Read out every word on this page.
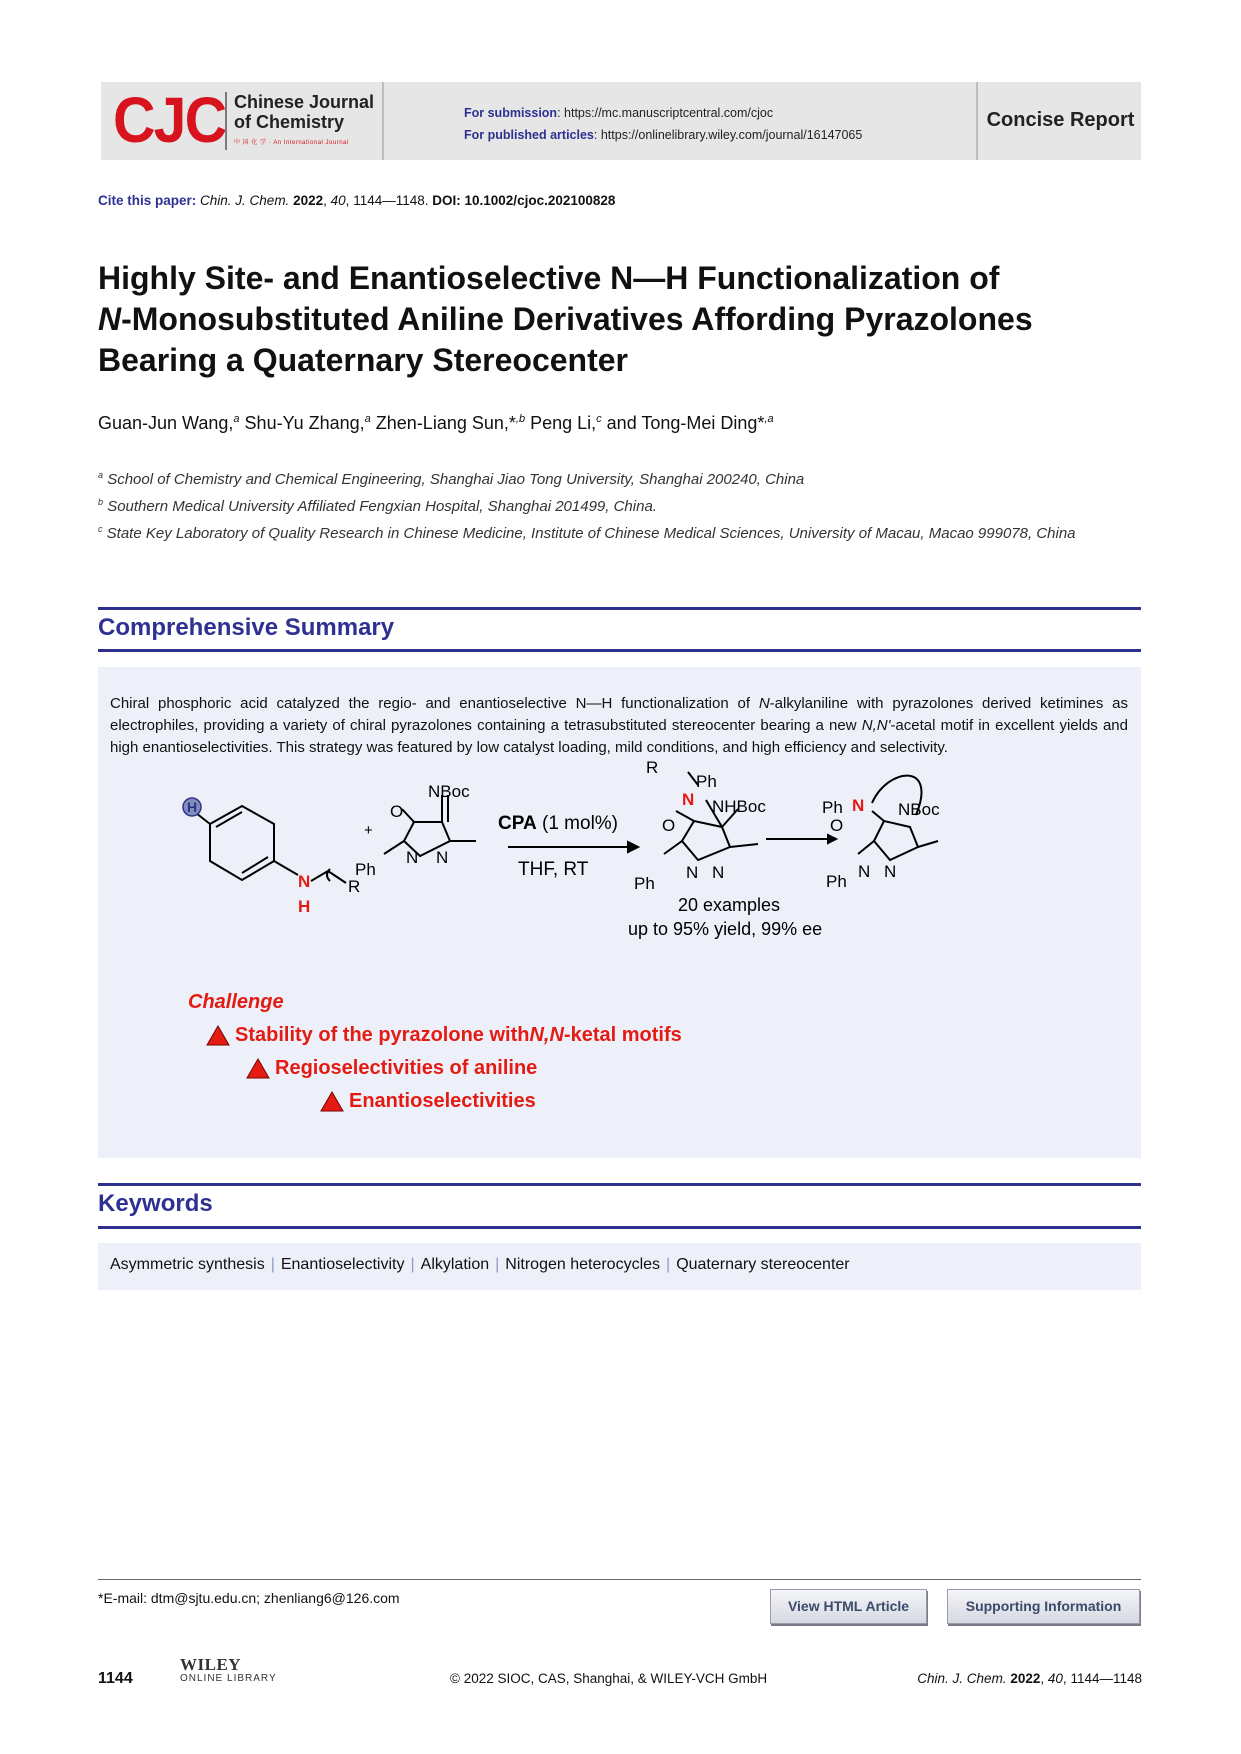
CJC Chinese Journal
of Chemistry
中 国 化 学 · An International Journal
For submission: https://mc.manuscriptcentral.com/cjoc
For published articles: https://onlinelibrary.wiley.com/journal/16147065
Concise Report
Cite this paper: Chin. J. Chem. 2022, 40, 1144—1148. DOI: 10.1002/cjoc.202100828
Highly Site- and Enantioselective N—H Functionalization of
N-Monosubstituted Aniline Derivatives Affording Pyrazolones
Bearing a Quaternary Stereocenter
Guan-Jun Wang,$^a$ Shu-Yu Zhang,$^a$ Zhen-Liang Sun,*$^{,b}$ Peng Li,$^c$ and Tong-Mei Ding*$^{,a}$
$^a$ School of Chemistry and Chemical Engineering, Shanghai Jiao Tong University, Shanghai 200240, China
$^b$ Southern Medical University Affiliated Fengxian Hospital, Shanghai 201499, China.
$^c$ State Key Laboratory of Quality Research in Chinese Medicine, Institute of Chinese Medical Sciences, University of Macau, Macao 999078, China
Comprehensive Summary
Chiral phosphoric acid catalyzed the regio- and enantioselective N—H functionalization of N-alkylaniline with pyrazolones derived ketimines as electrophiles, providing a variety of chiral pyrazolones containing a tetrasubstituted stereocenter bearing a new N,N'-acetal motif in excellent yields and high enantioselectivities. This strategy was featured by low catalyst loading, mild conditions, and high efficiency and selectivity.
H
N
H
R
+
O
NBoc
N N
Ph
CPA (1 mol%)
THF, RT
R
Ph
N NHBoc
O
N N
Ph
20 examples
up to 95% yield, 99% ee
Ph N NBoc
O
N N
Ph
Challenge
Stability of the pyrazolone with N,N -ketal motifs
Regioselectivities of aniline
Enantioselectivities
Keywords
Asymmetric synthesis | Enantioselectivity | Alkylation | Nitrogen heterocycles | Quaternary stereocenter
*E-mail: dtm@sjtu.edu.cn; zhenliang6@126.com	View HTML Article	Supporting Information
1144
WILEY
ONLINE LIBRARY	© 2022 SIOC, CAS, Shanghai, & WILEY-VCH GmbH	Chin. J. Chem. 2022, 40, 1144—1148
